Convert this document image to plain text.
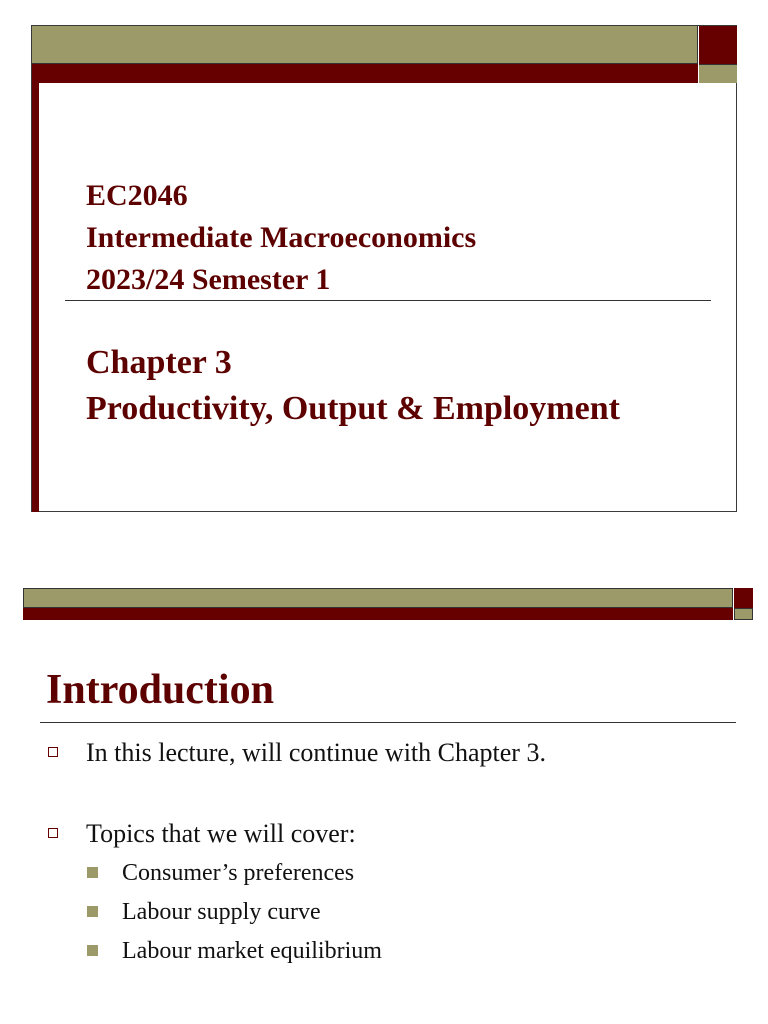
EC2046
Intermediate Macroeconomics
2023/24 Semester 1
Chapter 3
Productivity, Output & Employment
Introduction
In this lecture, will continue with Chapter 3.
Topics that we will cover:
Consumer’s preferences
Labour supply curve
Labour market equilibrium
